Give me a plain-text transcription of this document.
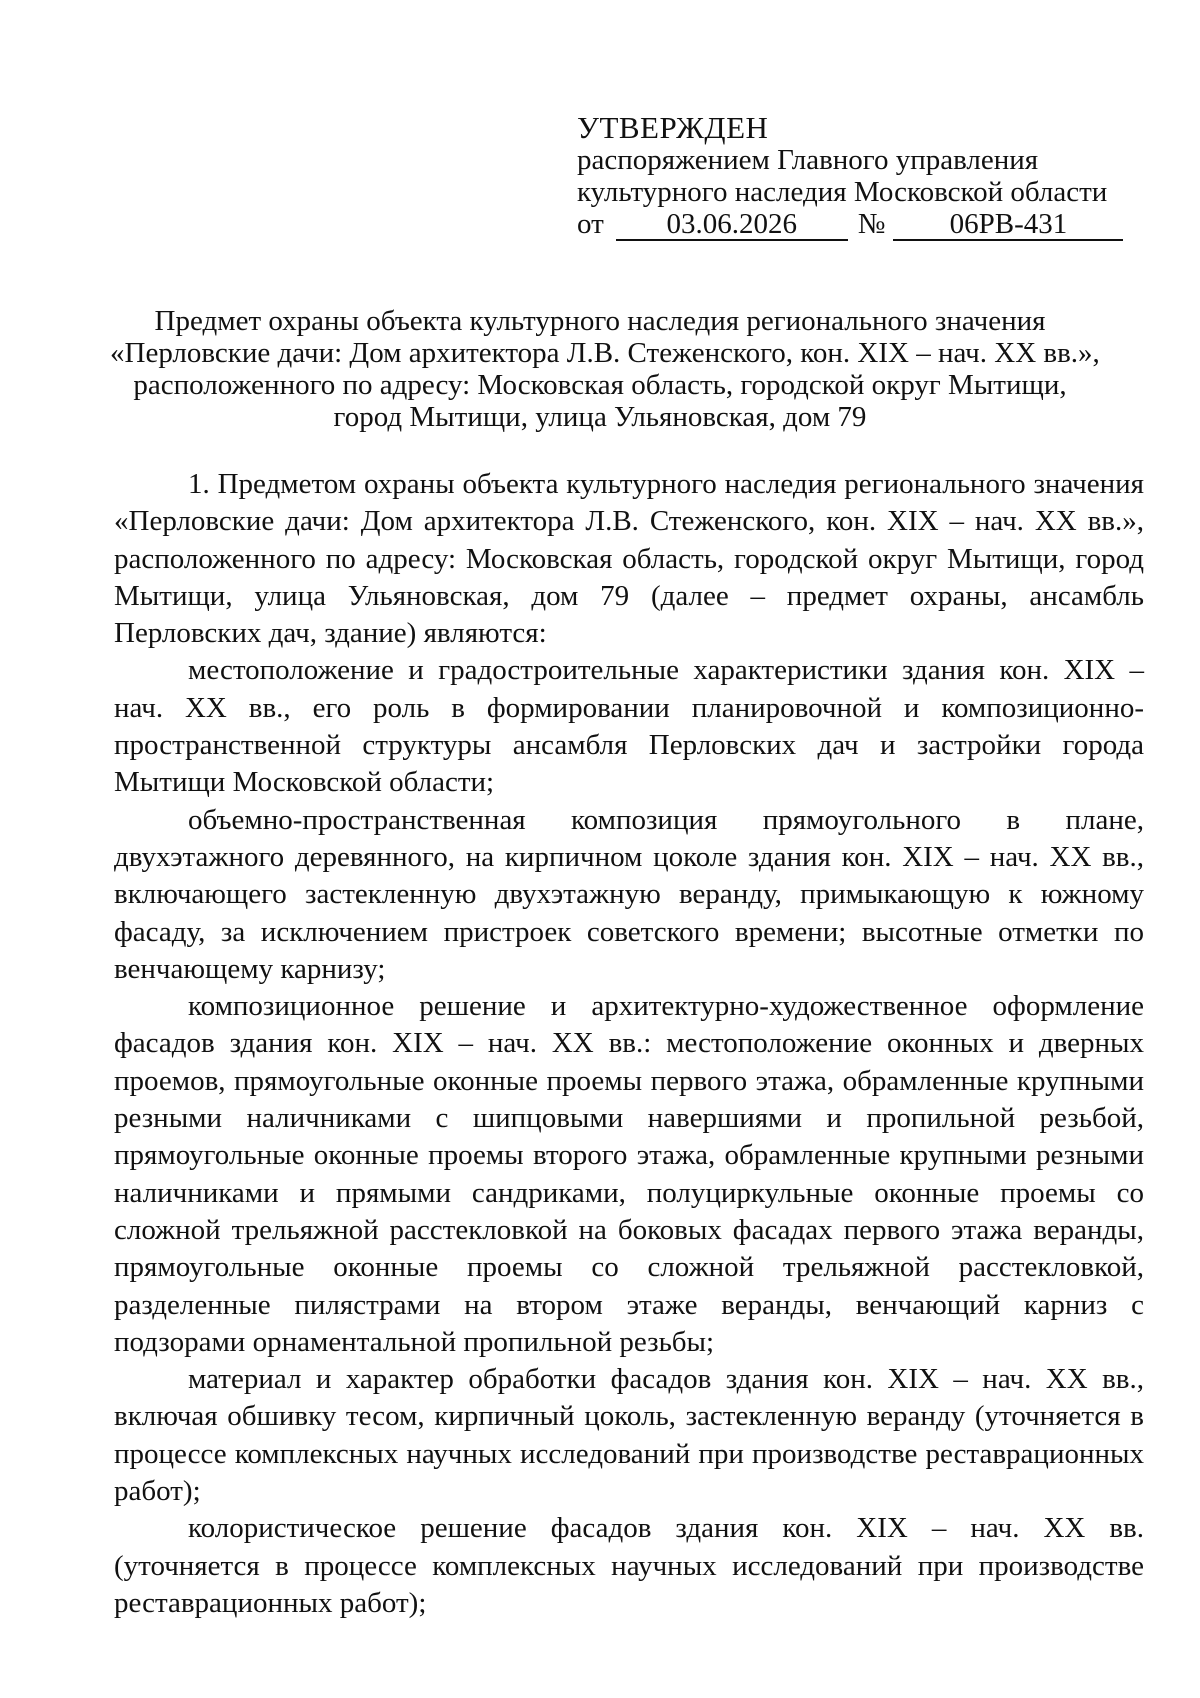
УТВЕРЖДЕН
распоряжением Главного управления
культурного наследия Московской области
от	03.06.2026	№	06РВ-431
Предмет охраны объекта культурного наследия регионального значения
«Перловские дачи: Дом архитектора Л.В. Стеженского, кон. XIX – нач. XX вв.»,
расположенного по адресу: Московская область, городской округ Мытищи,
город Мытищи, улица Ульяновская, дом 79

1. Предметом охраны объекта культурного наследия регионального значения «Перловские дачи: Дом архитектора Л.В. Стеженского, кон. XIX – нач. XX вв.», расположенного по адресу: Московская область, городской округ Мытищи, город Мытищи, улица Ульяновская, дом 79 (далее – предмет охраны, ансамбль Перловских дач, здание) являются:

местоположение и градостроительные характеристики здания кон. XIX – нач. XX вв., его роль в формировании планировочной и композиционно-пространственной структуры ансамбля Перловских дач и застройки города Мытищи Московской области;

объемно-пространственная композиция прямоугольного в плане, двухэтажного деревянного, на кирпичном цоколе здания кон. XIX – нач. XX вв., включающего застекленную двухэтажную веранду, примыкающую к южному фасаду, за исключением пристроек советского времени; высотные отметки по венчающему карнизу;

композиционное решение и архитектурно-художественное оформление фасадов здания кон. XIX – нач. XX вв.: местоположение оконных и дверных проемов, прямоугольные оконные проемы первого этажа, обрамленные крупными резными наличниками с шипцовыми навершиями и пропильной резьбой, прямоугольные оконные проемы второго этажа, обрамленные крупными резными наличниками и прямыми сандриками, полуциркульные оконные проемы со сложной трельяжной расстекловкой на боковых фасадах первого этажа веранды, прямоугольные оконные проемы со сложной трельяжной расстекловкой, разделенные пилястрами на втором этаже веранды, венчающий карниз с подзорами орнаментальной пропильной резьбы;

материал и характер обработки фасадов здания кон. XIX – нач. XX вв., включая обшивку тесом, кирпичный цоколь, застекленную веранду (уточняется в процессе комплексных научных исследований при производстве реставрационных работ);

колористическое решение фасадов здания кон. XIX – нач. XX вв. (уточняется в процессе комплексных научных исследований при производстве реставрационных работ);
